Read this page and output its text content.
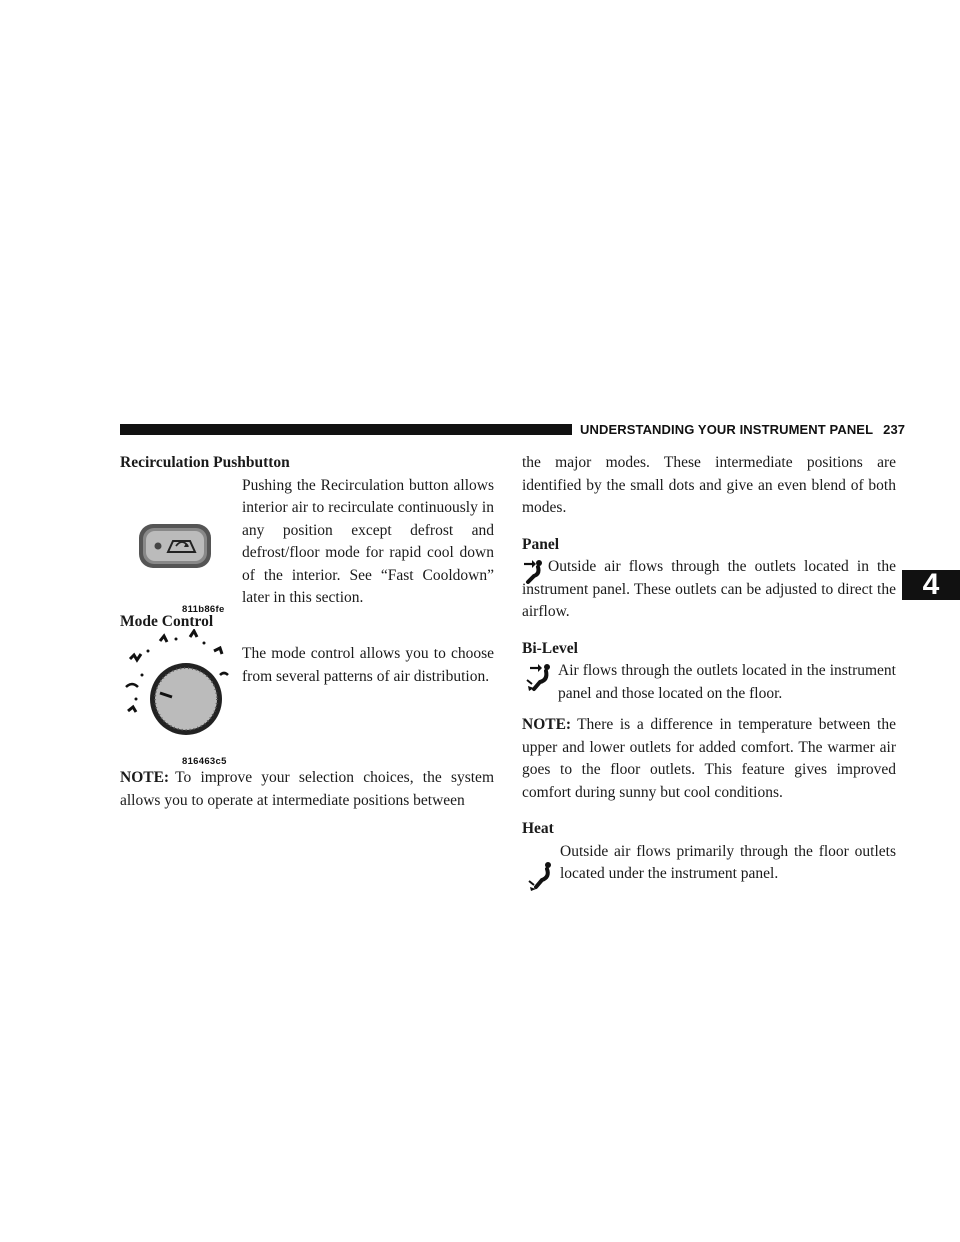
UNDERSTANDING YOUR INSTRUMENT PANEL 237
4
Recirculation Pushbutton
811b86fe

Pushing the Recirculation button allows interior air to recirculate continuously in any position except defrost and defrost/floor mode for rapid cool down of the interior. See “Fast Cooldown” later in this section.

Mode Control
816463c5

The mode control allows you to choose from several patterns of air distribution.

NOTE: To improve your selection choices, the system allows you to operate at intermediate positions between

the major modes. These intermediate positions are identified by the small dots and give an even blend of both modes.

Panel

Outside air flows through the outlets located in the instrument panel. These outlets can be adjusted to direct the airflow.

Bi-Level

Air flows through the outlets located in the instrument panel and those located on the floor.

NOTE: There is a difference in temperature between the upper and lower outlets for added comfort. The warmer air goes to the floor outlets. This feature gives improved comfort during sunny but cool conditions.

Heat

Outside air flows primarily through the floor outlets located under the instrument panel.
